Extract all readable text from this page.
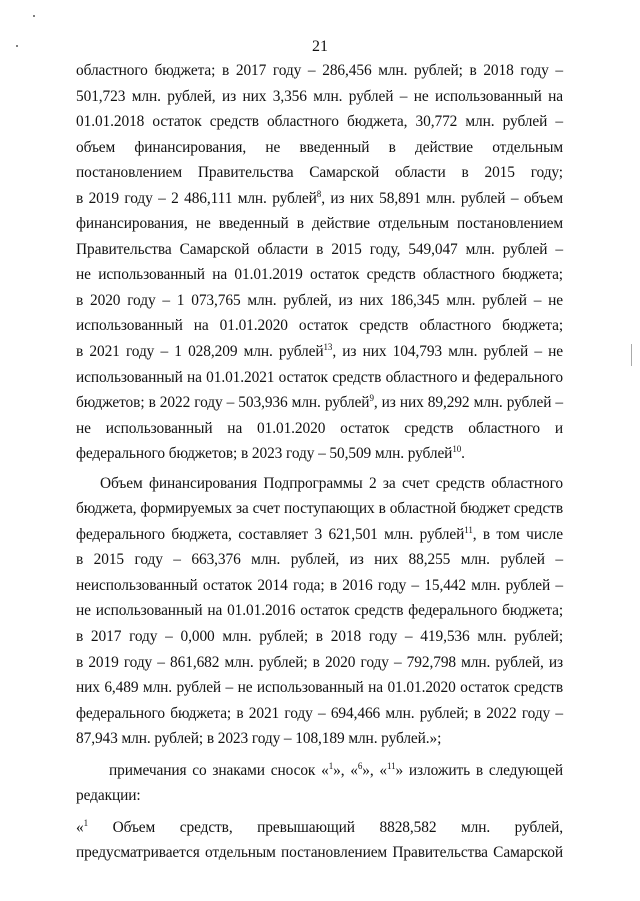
21
областного бюджета; в 2017 году – 286,456 млн. рублей; в 2018 году –
501,723 млн. рублей, из них 3,356 млн. рублей – не использованный на
01.01.2018 остаток средств областного бюджета, 30,772 млн. рублей –
объем финансирования, не введенный в действие отдельным
постановлением Правительства Самарской области в 2015 году;
в 2019 году – 2 486,111 млн. рублей$^8$, из них 58,891 млн. рублей – объем
финансирования, не введенный в действие отдельным постановлением
Правительства Самарской области в 2015 году, 549,047 млн. рублей –
не использованный на 01.01.2019 остаток средств областного бюджета;
в 2020 году – 1 073,765 млн. рублей, из них 186,345 млн. рублей – не
использованный на 01.01.2020 остаток средств областного бюджета;
в 2021 году – 1 028,209 млн. рублей$^{13}$, из них 104,793 млн. рублей – не
использованный на 01.01.2021 остаток средств областного и федерального
бюджетов; в 2022 году – 503,936 млн. рублей$^9$, из них 89,292 млн. рублей –
не использованный на 01.01.2020 остаток средств областного и
федерального бюджетов; в 2023 году – 50,509 млн. рублей$^{10}$.
Объем финансирования Подпрограммы 2 за счет средств областного
бюджета, формируемых за счет поступающих в областной бюджет средств
федерального бюджета, составляет 3 621,501 млн. рублей$^{11}$, в том числе
в 2015 году – 663,376 млн. рублей, из них 88,255 млн. рублей –
неиспользованный остаток 2014 года; в 2016 году – 15,442 млн. рублей –
не использованный на 01.01.2016 остаток средств федерального бюджета;
в 2017 году – 0,000 млн. рублей; в 2018 году – 419,536 млн. рублей;
в 2019 году – 861,682 млн. рублей; в 2020 году – 792,798 млн. рублей, из
них 6,489 млн. рублей – не использованный на 01.01.2020 остаток средств
федерального бюджета; в 2021 году – 694,466 млн. рублей; в 2022 году –
87,943 млн. рублей; в 2023 году – 108,189 млн. рублей.»;
примечания со знаками сносок «$^1$», «$^6$», «$^{11}$» изложить в следующей
редакции:
«$^1$ Объем средств, превышающий 8828,582 млн. рублей,
предусматривается отдельным постановлением Правительства Самарской
